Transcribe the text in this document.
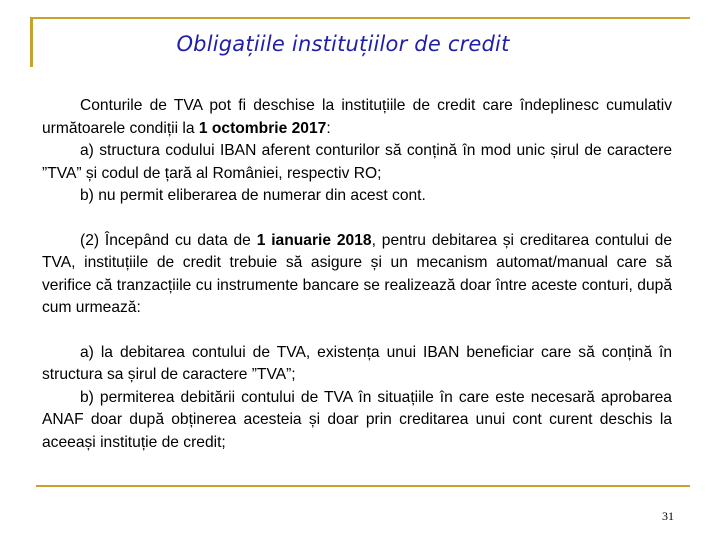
Obligațiile instituțiilor de credit

Conturile de TVA pot fi deschise la instituțiile de credit care îndeplinesc cumulativ următoarele condiții la 1 octombrie 2017:

a) structura codului IBAN aferent conturilor să conțină în mod unic șirul de caractere ”TVA” și codul de țară al României, respectiv RO;

b) nu permit eliberarea de numerar din acest cont.

(2) Începând cu data de 1 ianuarie 2018, pentru debitarea și creditarea contului de TVA, instituțiile de credit trebuie să asigure și un mecanism automat/manual care să verifice că tranzacțiile cu instrumente bancare se realizează doar între aceste conturi, după cum urmează:

a) la debitarea contului de TVA, existența unui IBAN beneficiar care să conțină în structura sa șirul de caractere ”TVA”;

b) permiterea debitării contului de TVA în situațiile în care este necesară aprobarea ANAF doar după obținerea acesteia și doar prin creditarea unui cont curent deschis la aceeași instituție de credit;

31
